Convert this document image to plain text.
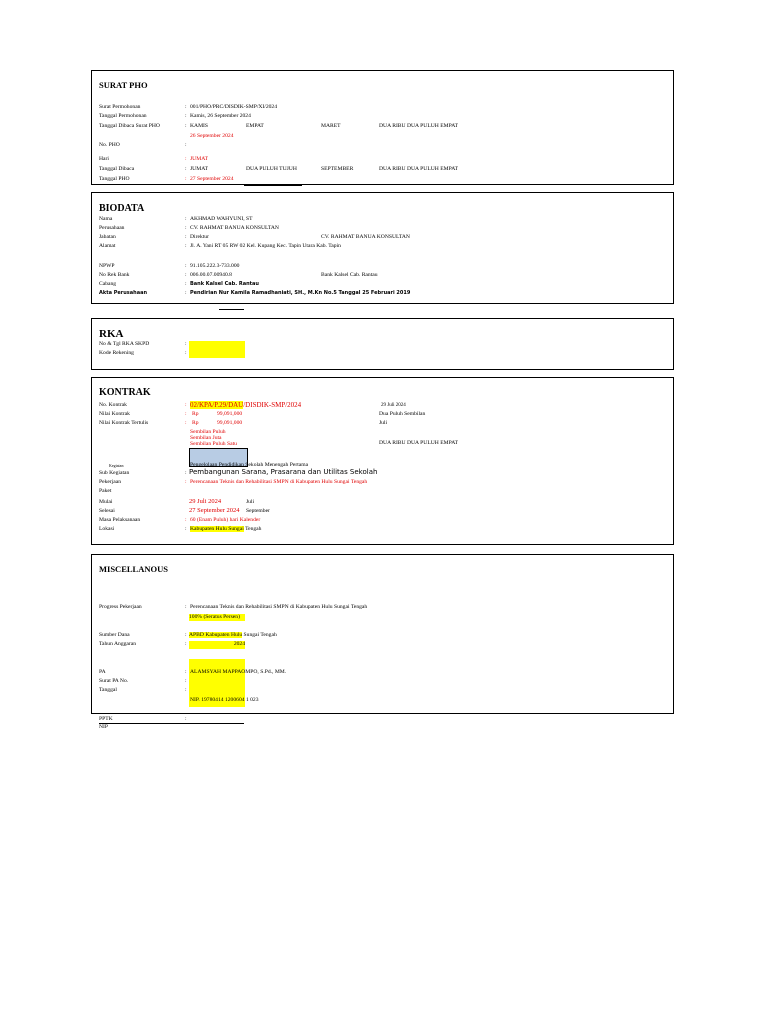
SURAT PHO
Surat Permohonan	: 001/PHO/PRC/DISDIK-SMP/XI/2024
Tanggal Permohonan	: Kamis, 26 September 2024
Tanggal Dibaca Surat PHO	: KAMIS	EMPAT	MARET	DUA RIBU DUA PULUH EMPAT
26 September 2024
No. PHO	:
Hari	: JUMAT
Tanggal Dibaca	: JUMAT	DUA PULUH TUJUH	SEPTEMBER	DUA RIBU DUA PULUH EMPAT
Tanggal PHO	: 27 September 2024
BIODATA
Nama	: AKHMAD WAHYUNI, ST
Perusahaan	: CV. RAHMAT BANUA KONSULTAN
Jabatan	: Direktur	CV. RAHMAT BANUA KONSULTAN
Alamat	: Jl. A. Yani RT 05 RW 02 Kel. Kupang Kec. Tapin Utara Kab. Tapin
NPWP	: 91.105.222.3-733.000
No Rek Bank	: 006.00.07.00940.8	Bank Kalsel Cab. Rantau
Cabang	: Bank Kalsel Cab. Rantau
Akta Perusahaan	: Pendirian Nur Kamila Ramadhaniati, SH., M.Kn No.5 Tanggal 25 Februari 2019
RKA
No & Tgl RKA SKPD	:
Kode Rekening	:
KONTRAK
No. Kontrak	: 02/KPA/P.29/DAU/DISDIK-SMP/2024	29 Juli 2024
Nilai Kontrak	: Rp	99,091,000	Dua Puluh Sembilan
Nilai Kontrak Tertulis	: Rp	99,091,000	Juli
Sembilan Puluh
Sembilan Juta
Sembilan Puluh Satu	DUA RIBU DUA PULUH EMPAT
Kegiatan	Pengelolaan Pendidikan Sekolah Menengah Pertama
Sub Kegiatan	: Pembangunan Sarana, Prasarana dan Utilitas Sekolah
Pekerjaan	: Perencanaan Teknis dan Rehabilitasi SMPN di Kabupaten Hulu Sungai Tengah
Paket
Mulai	29 Juli 2024	Juli
Selesai	27 September 2024 September
Masa Pelaksanaan	: 60 (Enam Puluh) hari Kalender
Lokasi	: Kabupaten Hulu Sungai Tengah
MISCELLANOUS
Progress Pekerjaan	: Perencanaan Teknis dan Rehabilitasi SMPN di Kabupaten Hulu Sungai Tengah
100% (Seratus Persen)
Sumber Dana	: APBD Kabupaten Hulu Sungai Tengah
Tahun Anggaran	:	2024
PA	: ALAMSYAH MAPPAOMPO, S.Pd., MM.
Surat PA No.	:
Tanggal	:
NIP. 19780414 1200604 1 023
PPTK	:
NIP
